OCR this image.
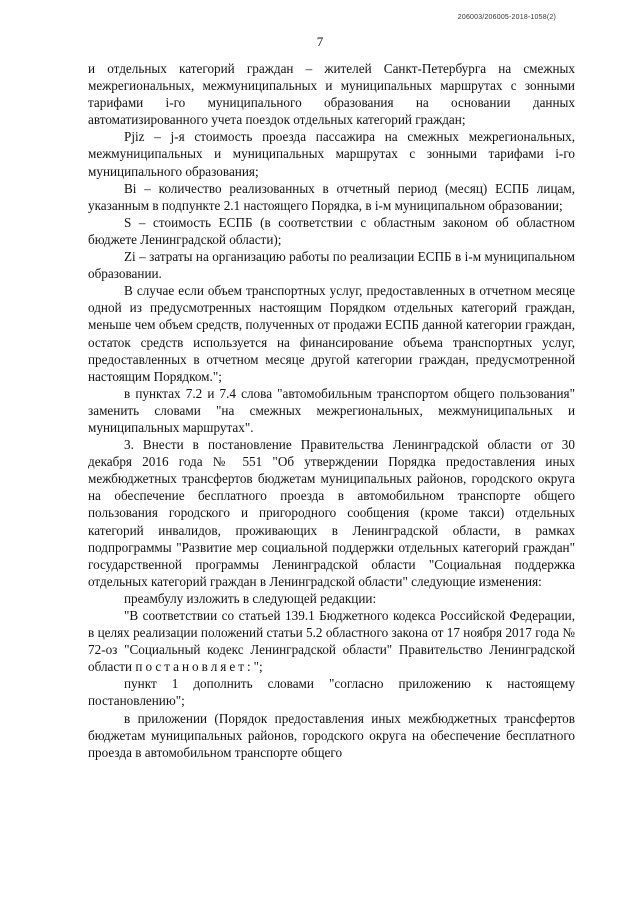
206003/206005-2018-1058(2)
7

и отдельных категорий граждан – жителей Санкт-Петербурга на смежных межрегиональных, межмуниципальных и муниципальных маршрутах с зонными тарифами i-го муниципального образования на основании данных автоматизированного учета поездок отдельных категорий граждан;

Pjiz – j-я стоимость проезда пассажира на смежных межрегиональных, межмуниципальных и муниципальных маршрутах с зонными тарифами i-го муниципального образования;

Bi – количество реализованных в отчетный период (месяц) ЕСПБ лицам, указанным в подпункте 2.1 настоящего Порядка, в i-м муниципальном образовании;

S – стоимость ЕСПБ (в соответствии с областным законом об областном бюджете Ленинградской области);

Zi – затраты на организацию работы по реализации ЕСПБ в i-м муниципальном образовании.

В случае если объем транспортных услуг, предоставленных в отчетном месяце одной из предусмотренных настоящим Порядком отдельных категорий граждан, меньше чем объем средств, полученных от продажи ЕСПБ данной категории граждан, остаток средств используется на финансирование объема транспортных услуг, предоставленных в отчетном месяце другой категории граждан, предусмотренной настоящим Порядком.";

в пунктах 7.2 и 7.4 слова "автомобильным транспортом общего пользования" заменить словами "на смежных межрегиональных, межмуниципальных и муниципальных маршрутах".

3. Внести в постановление Правительства Ленинградской области от 30 декабря 2016 года № 551 "Об утверждении Порядка предоставления иных межбюджетных трансфертов бюджетам муниципальных районов, городского округа на обеспечение бесплатного проезда в автомобильном транспорте общего пользования городского и пригородного сообщения (кроме такси) отдельных категорий инвалидов, проживающих в Ленинградской области, в рамках подпрограммы "Развитие мер социальной поддержки отдельных категорий граждан" государственной программы Ленинградской области "Социальная поддержка отдельных категорий граждан в Ленинградской области" следующие изменения:

преамбулу изложить в следующей редакции:

"В соответствии со статьей 139.1 Бюджетного кодекса Российской Федерации, в целях реализации положений статьи 5.2 областного закона от 17 ноября 2017 года № 72-оз "Социальный кодекс Ленинградской области" Правительство Ленинградской области постановляет:";

пункт 1 дополнить словами "согласно приложению к настоящему постановлению";

в приложении (Порядок предоставления иных межбюджетных трансфертов бюджетам муниципальных районов, городского округа на обеспечение бесплатного проезда в автомобильном транспорте общего
